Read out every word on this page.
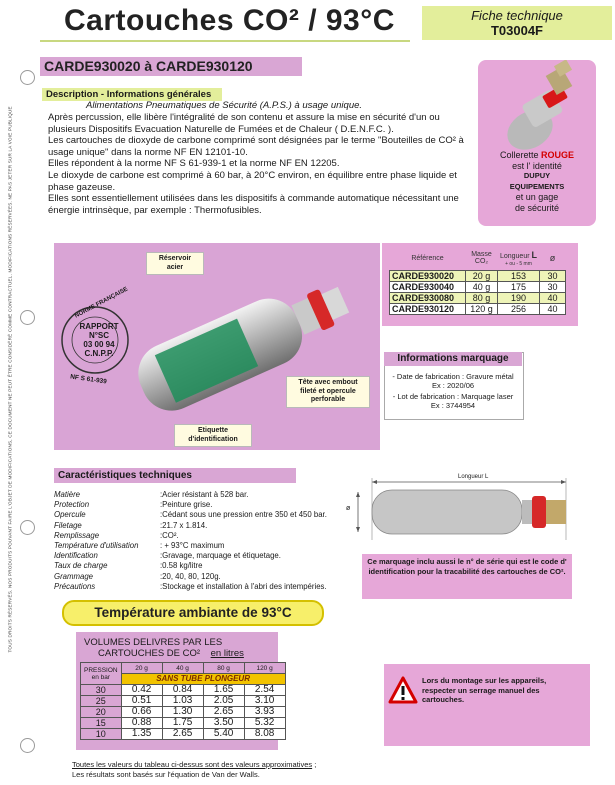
TOUS DROITS RÉSERVÉS. NOS PRODUITS POUVANT FAIRE L'OBJET DE MODIFICATIONS, CE DOCUMENT NE PEUT ÊTRE CONSIDÉRÉ COMME CONTRACTUEL. MODIFICATIONS RÉSERVÉES. NE PAS JETER SUR LA VOIE PUBLIQUE
Cartouches CO² / 93°C	Fiche technique
T03004F
CARDE930020 à CARDE930120
Description - Informations générales
Alimentations Pneumatiques de Sécurité (A.P.S.) à usage unique.

Après percussion, elle libère l'intégralité de son contenu et assure la mise en sécurité d'un ou plusieurs Dispositifs Evacuation Naturelle de Fumées et de Chaleur ( D.E.N.F.C. ).

Les cartouches de dioxyde de carbone comprimé sont désignées par le terme "Bouteilles de CO² à usage unique" dans la norme NF EN 12101-10.

Elles répondent à la norme NF S 61-939-1 et la norme NF EN 12205.

Le dioxyde de carbone est comprimé à 60 bar, à 20°C environ, en équilibre entre phase liquide et phase gazeuse.

Elles sont essentiellement utilisées dans les dispositifs à commande automatique nécessitant une énergie intrinsèque, par exemple : Thermofusibles.

Collerette ROUGE
est l' identité
DUPUY
EQUIPEMENTS
et un gage
de sécurité
NORME FRANÇAISE
RAPPORT
N°SC
03 00 94
C.N.P.P.
NF S 61-939
Réservoir acier
Tête avec embout fileté et opercule perforable
Etiquette d'identification
Référence	Masse
CO₂	Longueur L
+ ou - 5 mm	ø
CARDE930020	20 g	153	30
CARDE930040	40 g	175	30
CARDE930080	80 g	190	40
CARDE930120	120 g	256	40
Informations marquage
- Date de fabrication : Gravure métal
Ex : 2020/06
- Lot de fabrication : Marquage laser
Ex : 3744954
Caractéristiques techniques
Matière	:Acier résistant à 528 bar.
Protection	:Peinture grise.
Opercule	:Cédant sous une pression entre 350 et 450 bar.
Filetage	:21.7 x 1.814.
Remplissage	:CO².
Température d'utilisation	: + 93°C maximum
Identification	:Gravage, marquage et étiquetage.
Taux de charge	:0.58 kg/litre
Grammage	:20, 40, 80, 120g.
Précautions	:Stockage et installation à l'abri des intempéries.
Longueur L
ø
Ce marquage inclu aussi le n° de série qui est le code d' identification pour la tracabilité des cartouches de CO².
Température ambiante de 93°C
VOLUMES DELIVRES PAR LES
CARTOUCHES DE CO² en litres
PRESSION
en bar	20 g	40 g	80 g	120 g
	SANS TUBE PLONGEUR			
30	0.42	0.84	1.65	2.54
25	0.51	1.03	2.05	3.10
20	0.66	1.30	2.65	3.93
15	0.88	1.75	3.50	5.32
10	1.35	2.65	5.40	8.08
Lors du montage sur les appareils, respecter un serrage manuel des cartouches.
Toutes les valeurs du tableau ci-dessus sont des valeurs approximatives ;
Les résultats sont basés sur l'équation de Van der Walls.
